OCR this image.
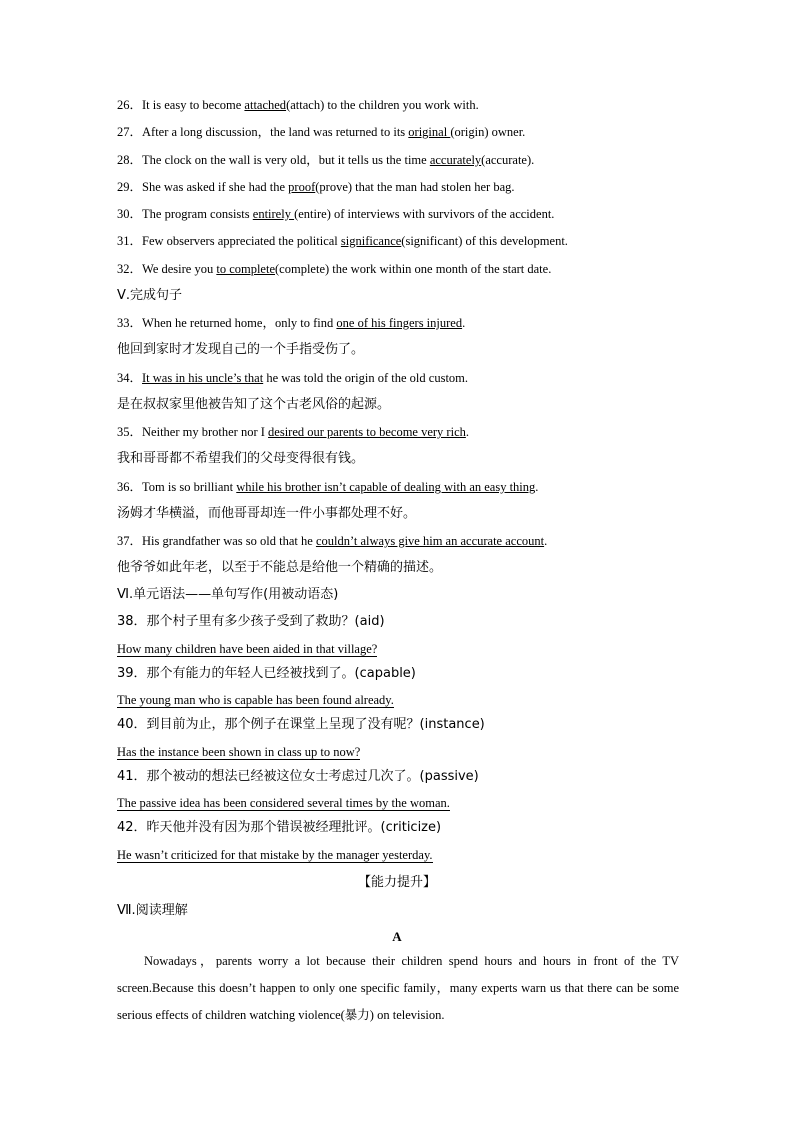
26．It is easy to become attached(attach) to the children you work with.
27．After a long discussion，the land was returned to its original (origin) owner.
28．The clock on the wall is very old，but it tells us the time accurately(accurate).
29．She was asked if she had the proof(prove) that the man had stolen her bag.
30．The program consists entirely (entire) of interviews with survivors of the accident.
31．Few observers appreciated the political significance(significant) of this development.
32．We desire you to complete(complete) the work within one month of the start date.
Ⅴ.完成句子
33．When he returned home，only to find one of his fingers injured.
他回到家时才发现自己的一个手指受伤了。
34．It was in his uncle’s that he was told the origin of the old custom.
是在叔叔家里他被告知了这个古老风俗的起源。
35．Neither my brother nor I desired our parents to become very rich.
我和哥哥都不希望我们的父母变得很有钱。
36．Tom is so brilliant while his brother isn’t capable of dealing with an easy thing.
汤姆才华横溢，而他哥哥却连一件小事都处理不好。
37．His grandfather was so old that he couldn’t always give him an accurate account.
他爷爷如此年老，以至于不能总是给他一个精确的描述。
Ⅵ.单元语法——单句写作(用被动语态)
38．那个村子里有多少孩子受到了救助？(aid)
How many children have been aided in that village?
39．那个有能力的年轻人已经被找到了。(capable)
The young man who is capable has been found already.
40．到目前为止，那个例子在课堂上呈现了没有呢？(instance)
Has the instance been shown in class up to now?
41．那个被动的想法已经被这位女士考虑过几次了。(passive)
The passive idea has been considered several times by the woman.
42．昨天他并没有因为那个错误被经理批评。(criticize)
He wasn’t criticized for that mistake by the manager yesterday.
【能力提升】
Ⅶ.阅读理解
A
Nowadays，parents worry a lot because their children spend hours and hours in front of the TV screen.Because this doesn’t happen to only one specific family，many experts warn us that there can be some serious effects of children watching violence(暴力) on television.
